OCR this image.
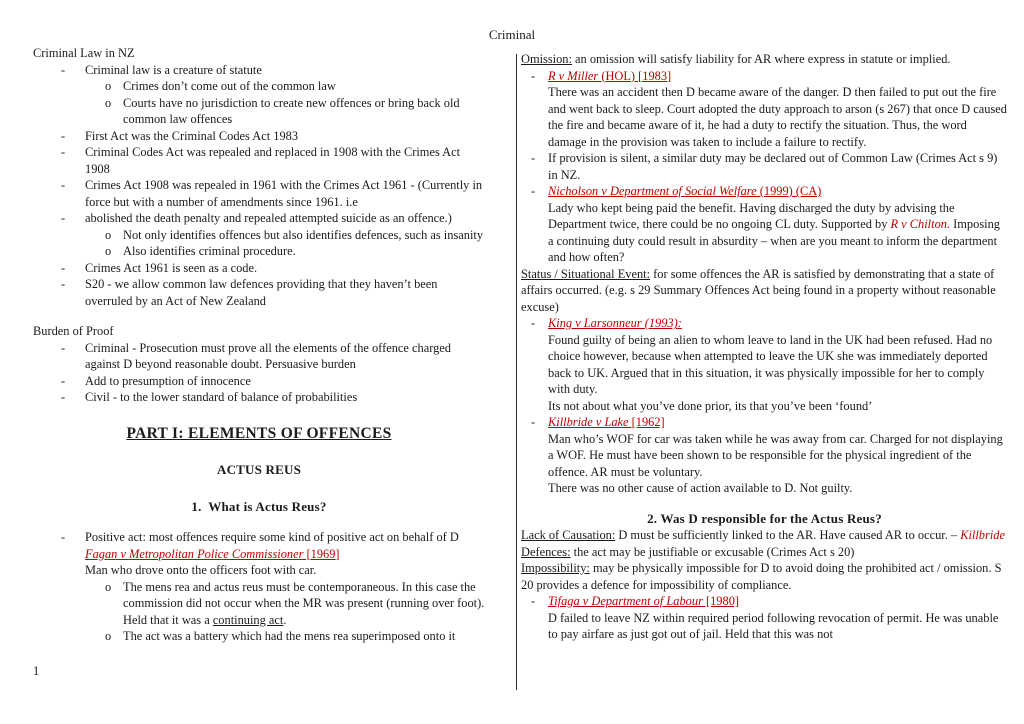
Criminal
Criminal Law in NZ
- Criminal law is a creature of statute
o Crimes don’t come out of the common law
o Courts have no jurisdiction to create new offences or bring back old common law offences
- First Act was the Criminal Codes Act 1983
- Criminal Codes Act was repealed and replaced in 1908 with the Crimes Act 1908
- Crimes Act 1908 was repealed in 1961 with the Crimes Act 1961 - (Currently in force but with a number of amendments since 1961. i.e
- abolished the death penalty and repealed attempted suicide as an offence.)
o Not only identifies offences but also identifies defences, such as insanity
o Also identifies criminal procedure.
- Crimes Act 1961 is seen as a code.
- S20 - we allow common law defences providing that they haven’t been overruled by an Act of New Zealand
Burden of Proof
- Criminal - Prosecution must prove all the elements of the offence charged against D beyond reasonable doubt. Persuasive burden
- Add to presumption of innocence
- Civil - to the lower standard of balance of probabilities
PART I: ELEMENTS OF OFFENCES
ACTUS REUS
1. What is Actus Reus?
- Positive act: most offences require some kind of positive act on behalf of D
Fagan v Metropolitan Police Commissioner [1969]
Man who drove onto the officers foot with car.
o The mens rea and actus reus must be contemporaneous. In this case the commission did not occur when the MR was present (running over foot). Held that it was a continuing act.
o The act was a battery which had the mens rea superimposed onto it
Omission: an omission will satisfy liability for AR where express in statute or implied.
- R v Miller (HOL) [1983]
There was an accident then D became aware of the danger. D then failed to put out the fire and went back to sleep. Court adopted the duty approach to arson (s 267) that once D caused the fire and became aware of it, he had a duty to rectify the situation. Thus, the word damage in the provision was taken to include a failure to rectify.
- If provision is silent, a similar duty may be declared out of Common Law (Crimes Act s 9) in NZ.
- Nicholson v Department of Social Welfare (1999) (CA)
Lady who kept being paid the benefit. Having discharged the duty by advising the Department twice, there could be no ongoing CL duty. Supported by R v Chilton. Imposing a continuing duty could result in absurdity – when are you meant to inform the department and how often?
Status / Situational Event: for some offences the AR is satisfied by demonstrating that a state of affairs occurred. (e.g. s 29 Summary Offences Act being found in a property without reasonable excuse)
- King v Larsonneur (1993):
Found guilty of being an alien to whom leave to land in the UK had been refused. Had no choice however, because when attempted to leave the UK she was immediately deported back to UK. Argued that in this situation, it was physically impossible for her to comply with duty.
Its not about what you’ve done prior, its that you’ve been ‘found’
- Killbride v Lake [1962]
Man who’s WOF for car was taken while he was away from car. Charged for not displaying a WOF. He must have been shown to be responsible for the physical ingredient of the offence. AR must be voluntary.
There was no other cause of action available to D. Not guilty.
2. Was D responsible for the Actus Reus?
Lack of Causation: D must be sufficiently linked to the AR. Have caused AR to occur. – Killbride
Defences: the act may be justifiable or excusable (Crimes Act s 20)
Impossibility: may be physically impossible for D to avoid doing the prohibited act / omission. S 20 provides a defence for impossibility of compliance.
- Tifaga v Department of Labour [1980]
D failed to leave NZ within required period following revocation of permit. He was unable to pay airfare as just got out of jail. Held that this was not
1
